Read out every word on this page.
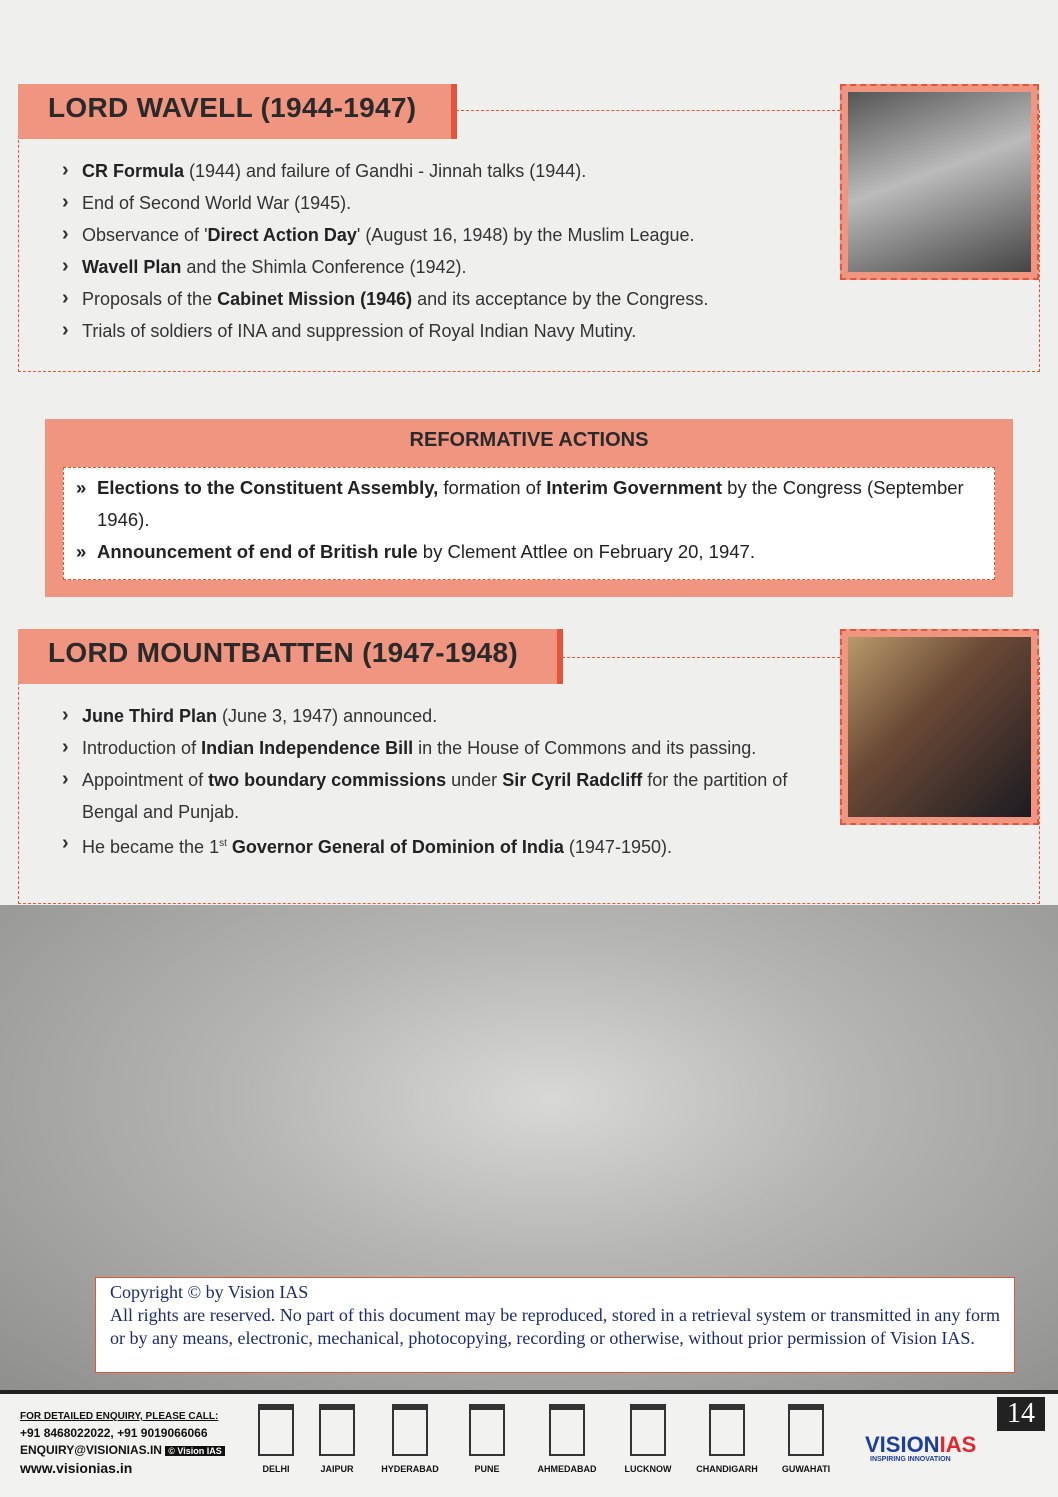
LORD WAVELL (1944-1947)
› CR Formula (1944) and failure of Gandhi - Jinnah talks (1944).
› End of Second World War (1945).
› Observance of 'Direct Action Day' (August 16, 1948) by the Muslim League.
› Wavell Plan and the Shimla Conference (1942).
› Proposals of the Cabinet Mission (1946) and its acceptance by the Congress.
› Trials of soldiers of INA and suppression of Royal Indian Navy Mutiny.
REFORMATIVE ACTIONS
» Elections to the Constituent Assembly, formation of Interim Government by the Congress (September 1946).
» Announcement of end of British rule by Clement Attlee on February 20, 1947.
LORD MOUNTBATTEN (1947-1948)
› June Third Plan (June 3, 1947) announced.
› Introduction of Indian Independence Bill in the House of Commons and its passing.
› Appointment of two boundary commissions under Sir Cyril Radcliff for the partition of Bengal and Punjab.
› He became the 1st Governor General of Dominion of India (1947-1950).
Copyright © by Vision IAS
All rights are reserved. No part of this document may be reproduced, stored in a retrieval system or transmitted in any form or by any means, electronic, mechanical, photocopying, recording or otherwise, without prior permission of Vision IAS.
FOR DETAILED ENQUIRY, PLEASE CALL:
+91 8468022022, +91 9019066066
ENQUIRY@VISIONIAS.IN © Vision IAS
www.visionias.in	DELHI	JAIPUR	HYDERABAD	PUNE	AHMEDABAD	LUCKNOW	CHANDIGARH	GUWAHATI
VISIONIAS
INSPIRING INNOVATION
14
